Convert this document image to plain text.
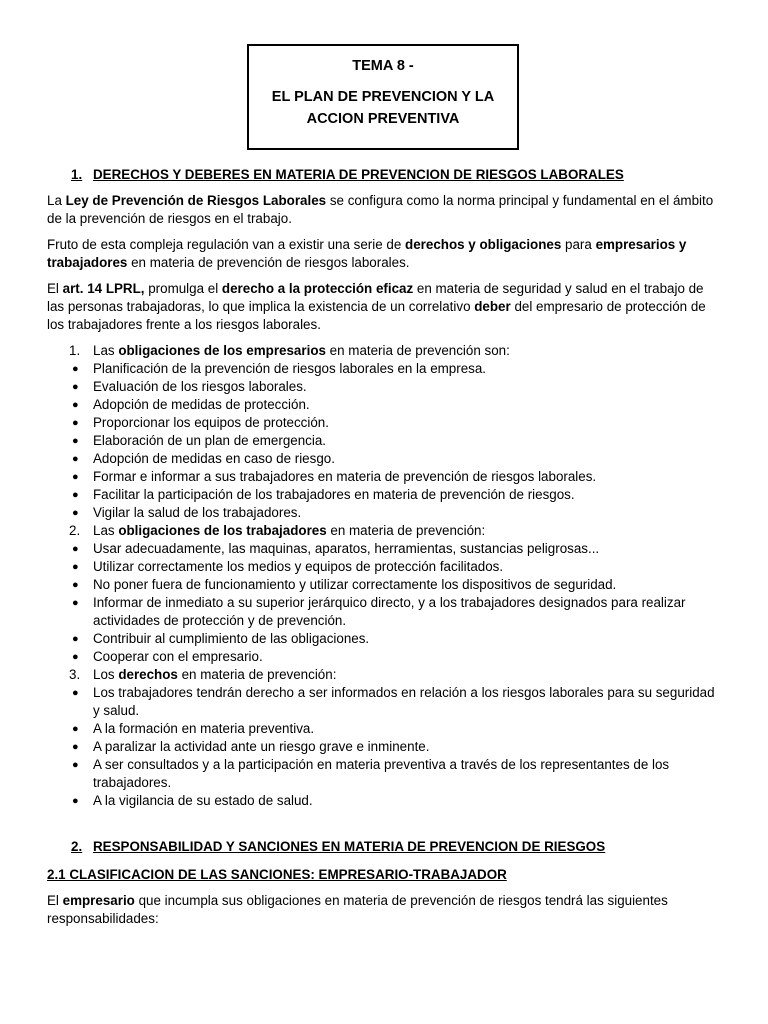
TEMA 8 -
EL PLAN DE PREVENCION Y LA
ACCION PREVENTIVA
1. DERECHOS Y DEBERES EN MATERIA DE PREVENCION DE RIESGOS LABORALES

La Ley de Prevención de Riesgos Laborales se configura como la norma principal y fundamental en el ámbito de la prevención de riesgos en el trabajo.

Fruto de esta compleja regulación van a existir una serie de derechos y obligaciones para empresarios y trabajadores en materia de prevención de riesgos laborales.

El art. 14 LPRL, promulga el derecho a la protección eficaz en materia de seguridad y salud en el trabajo de las personas trabajadoras, lo que implica la existencia de un correlativo deber del empresario de protección de los trabajadores frente a los riesgos laborales.

1. Las obligaciones de los empresarios en materia de prevención son:
●	Planificación de la prevención de riesgos laborales en la empresa.
●	Evaluación de los riesgos laborales.
●	Adopción de medidas de protección.
●	Proporcionar los equipos de protección.
●	Elaboración de un plan de emergencia.
●	Adopción de medidas en caso de riesgo.
●	Formar e informar a sus trabajadores en materia de prevención de riesgos laborales.
●	Facilitar la participación de los trabajadores en materia de prevención de riesgos.
●	Vigilar la salud de los trabajadores.
2. Las obligaciones de los trabajadores en materia de prevención:
●	Usar adecuadamente, las maquinas, aparatos, herramientas, sustancias peligrosas...
●	Utilizar correctamente los medios y equipos de protección facilitados.
●	No poner fuera de funcionamiento y utilizar correctamente los dispositivos de seguridad.
●	Informar de inmediato a su superior jerárquico directo, y a los trabajadores designados para realizar actividades de protección y de prevención.
●	Contribuir al cumplimiento de las obligaciones.
●	Cooperar con el empresario.
3. Los derechos en materia de prevención:
●	Los trabajadores tendrán derecho a ser informados en relación a los riesgos laborales para su seguridad y salud.
●	A la formación en materia preventiva.
●	A paralizar la actividad ante un riesgo grave e inminente.
●	A ser consultados y a la participación en materia preventiva a través de los representantes de los trabajadores.
●	A la vigilancia de su estado de salud.
2. RESPONSABILIDAD Y SANCIONES EN MATERIA DE PREVENCION DE RIESGOS
2.1 CLASIFICACION DE LAS SANCIONES: EMPRESARIO-TRABAJADOR

El empresario que incumpla sus obligaciones en materia de prevención de riesgos tendrá las siguientes responsabilidades:
